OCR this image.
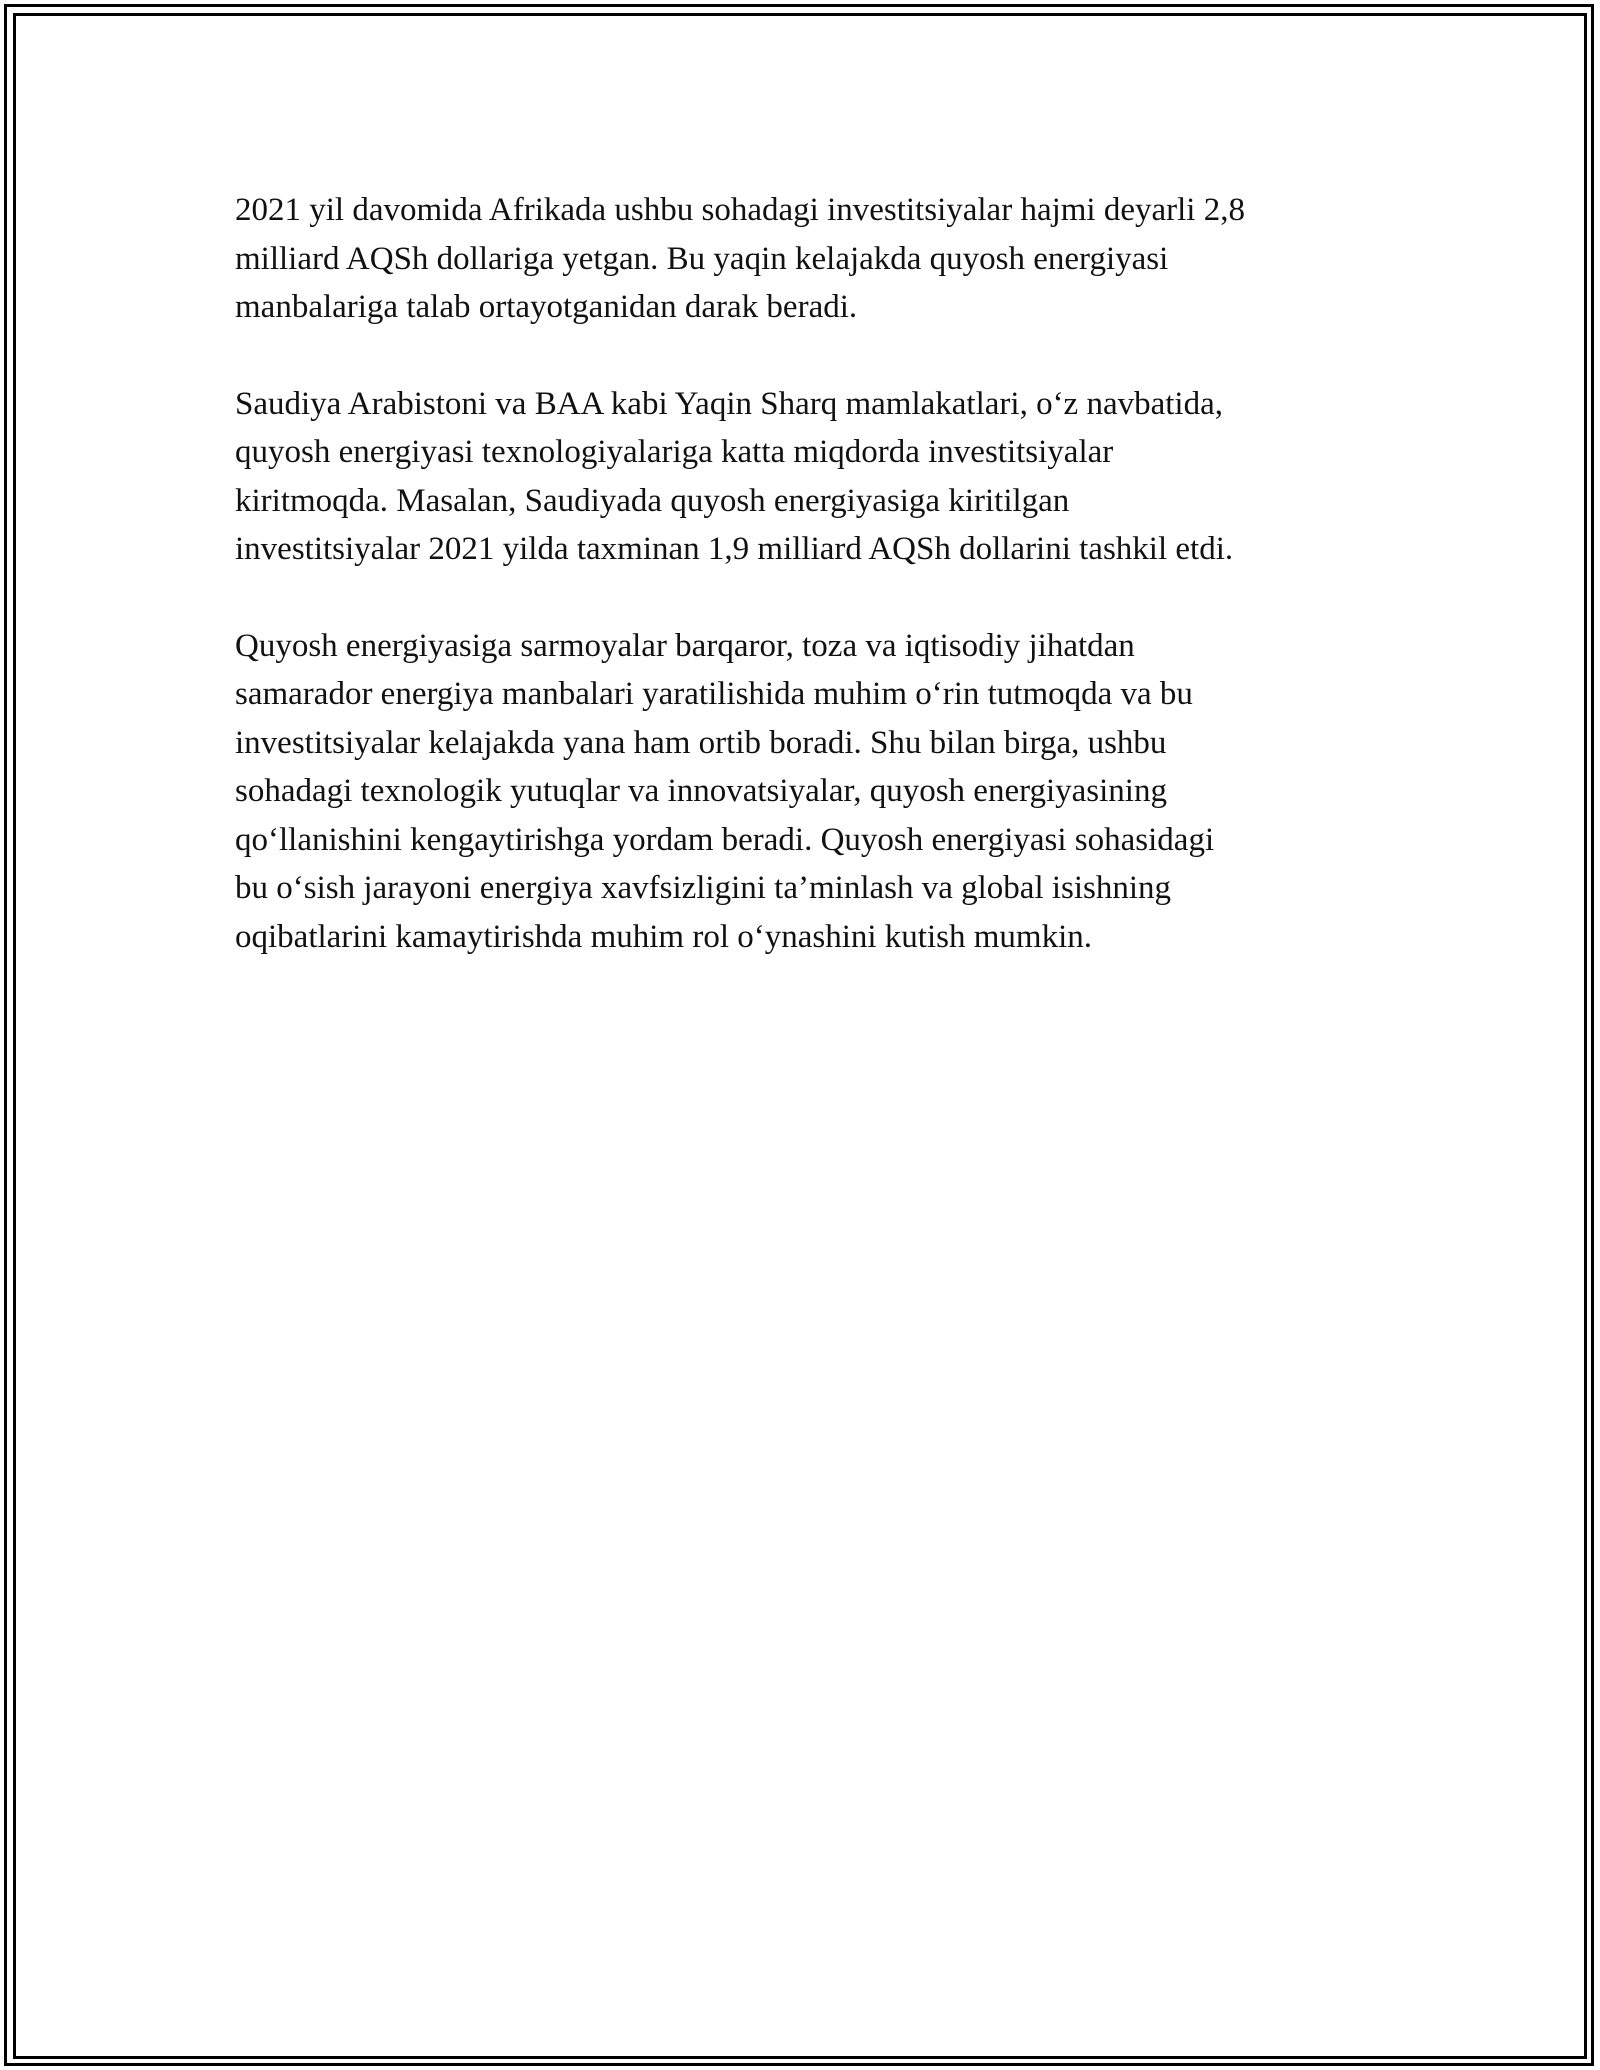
2021 yil davomida Afrikada ushbu sohadagi investitsiyalar hajmi deyarli 2,8
milliard AQSh dollariga yetgan. Bu yaqin kelajakda quyosh energiyasi
manbalariga talab ortayotganidan darak beradi.

Saudiya Arabistoni va BAA kabi Yaqin Sharq mamlakatlari, o‘z navbatida,
quyosh energiyasi texnologiyalariga katta miqdorda investitsiyalar
kiritmoqda. Masalan, Saudiyada quyosh energiyasiga kiritilgan
investitsiyalar 2021 yilda taxminan 1,9 milliard AQSh dollarini tashkil etdi.

Quyosh energiyasiga sarmoyalar barqaror, toza va iqtisodiy jihatdan
samarador energiya manbalari yaratilishida muhim o‘rin tutmoqda va bu
investitsiyalar kelajakda yana ham ortib boradi. Shu bilan birga, ushbu
sohadagi texnologik yutuqlar va innovatsiyalar, quyosh energiyasining
qo‘llanishini kengaytirishga yordam beradi. Quyosh energiyasi sohasidagi
bu o‘sish jarayoni energiya xavfsizligini ta’minlash va global isishning
oqibatlarini kamaytirishda muhim rol o‘ynashini kutish mumkin.
